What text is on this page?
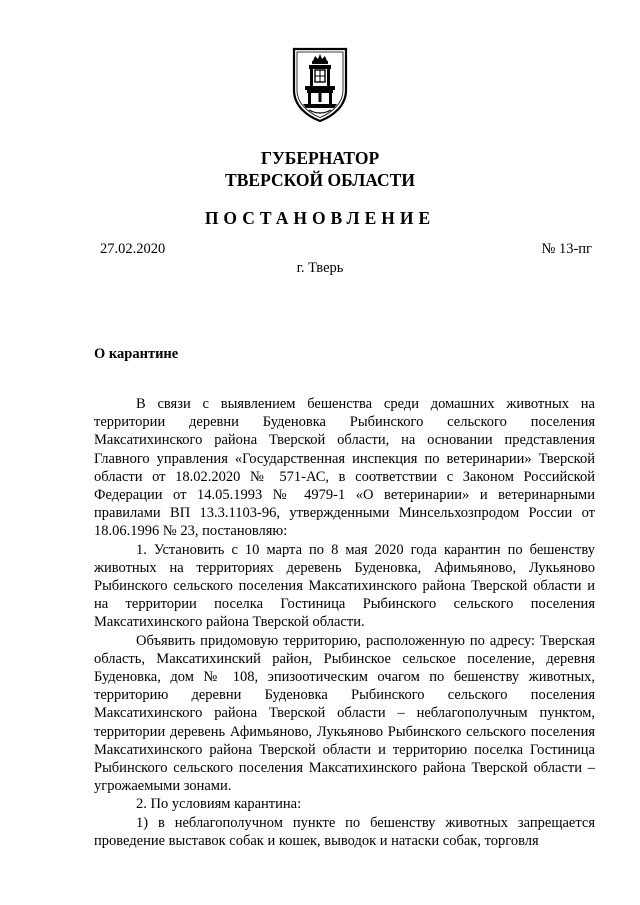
ГУБЕРНАТОР
ТВЕРСКОЙ ОБЛАСТИ
ПОСТАНОВЛЕНИЕ
27.02.2020	№ 13-пг
г. Тверь
О карантине

В связи с выявлением бешенства среди домашних животных на территории деревни Буденовка Рыбинского сельского поселения Максатихинского района Тверской области, на основании представления Главного управления «Государственная инспекция по ветеринарии» Тверской области от 18.02.2020 № 571-АС, в соответствии с Законом Российской Федерации от 14.05.1993 № 4979-1 «О ветеринарии» и ветеринарными правилами ВП 13.3.1103-96, утвержденными Минсельхозпродом России от 18.06.1996 № 23, постановляю:

1. Установить с 10 марта по 8 мая 2020 года карантин по бешенству животных на территориях деревень Буденовка, Афимьяново, Лукьяново Рыбинского сельского поселения Максатихинского района Тверской области и на территории поселка Гостиница Рыбинского сельского поселения Максатихинского района Тверской области.

Объявить придомовую территорию, расположенную по адресу: Тверская область, Максатихинский район, Рыбинское сельское поселение, деревня Буденовка, дом № 108, эпизоотическим очагом по бешенству животных, территорию деревни Буденовка Рыбинского сельского поселения Максатихинского района Тверской области – неблагополучным пунктом, территории деревень Афимьяново, Лукьяново Рыбинского сельского поселения Максатихинского района Тверской области и территорию поселка Гостиница Рыбинского сельского поселения Максатихинского района Тверской области – угрожаемыми зонами.

2. По условиям карантина:

1) в неблагополучном пункте по бешенству животных запрещается проведение выставок собак и кошек, выводок и натаски собак, торговля
